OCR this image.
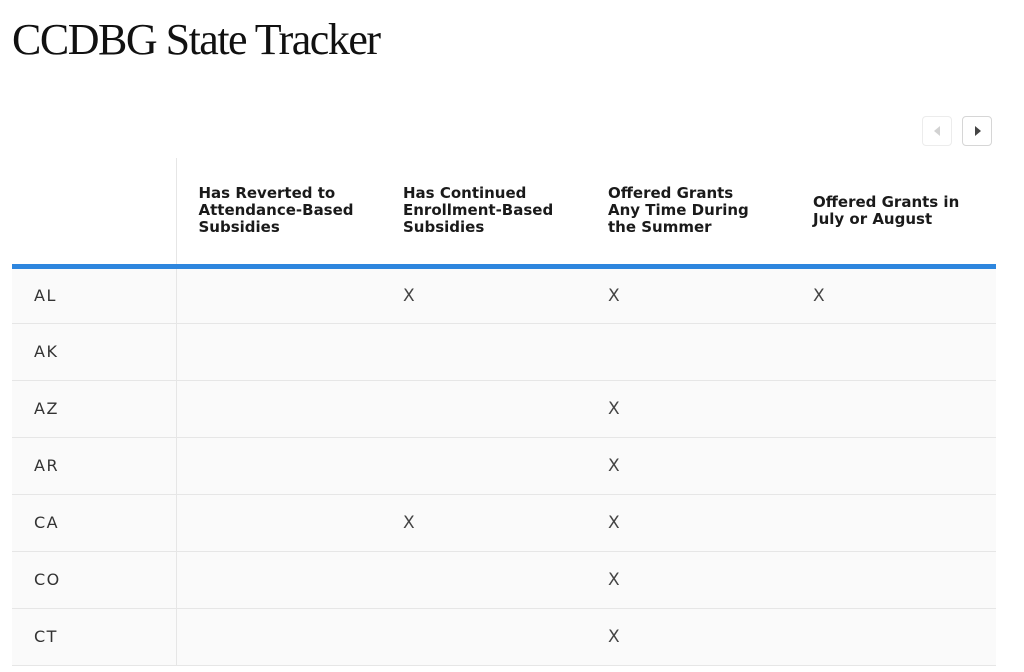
CCDBG State Tracker
	Has Reverted to Attendance-Based Subsidies	Has Continued Enrollment-Based Subsidies	Offered Grants Any Time During the Summer	Offered Grants in July or August
AL		X	X	X
AK				
AZ			X	
AR			X	
CA		X	X	
CO			X	
CT			X	
